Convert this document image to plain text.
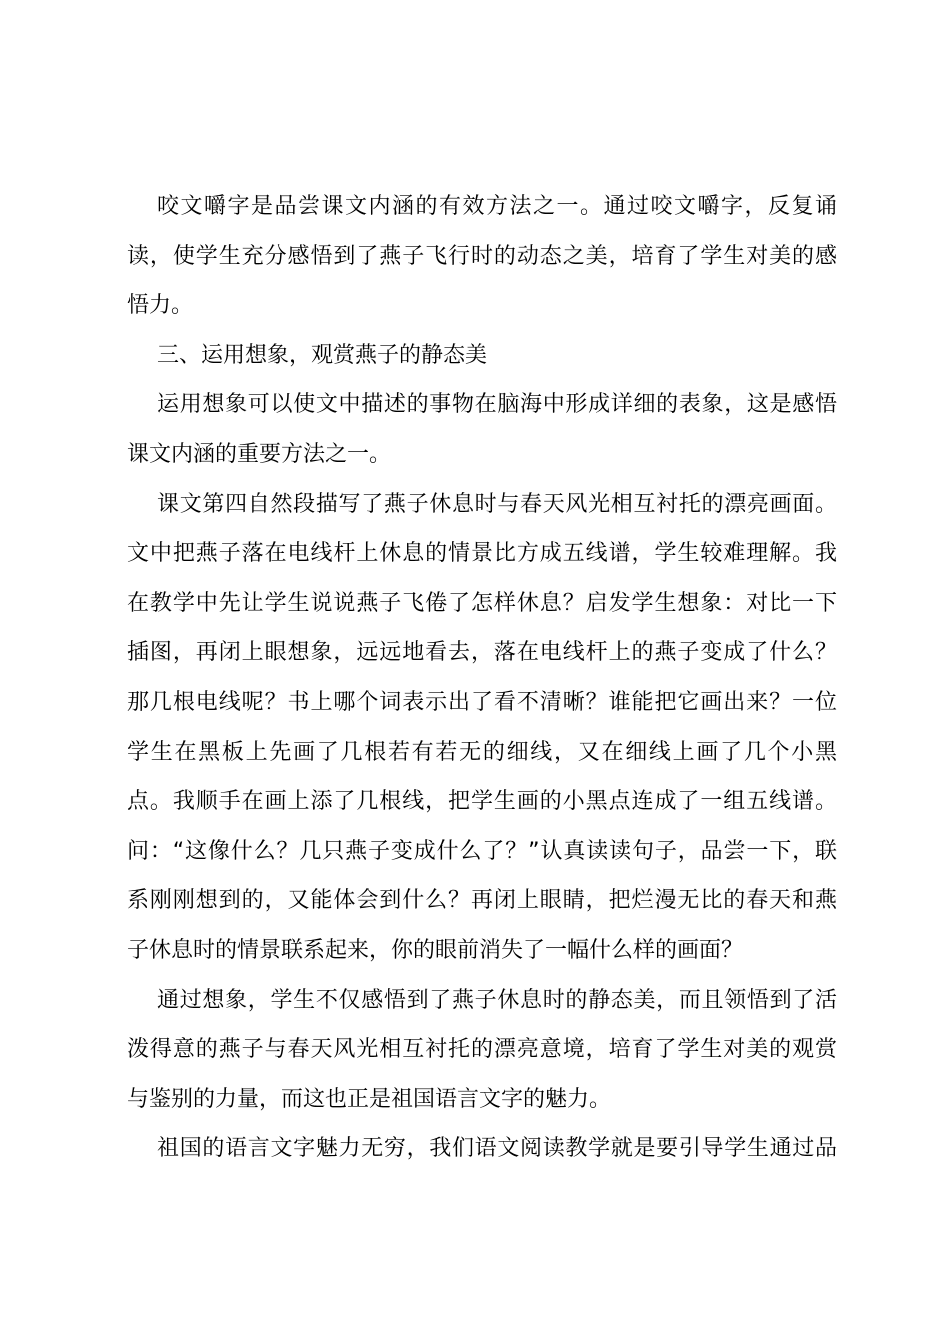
咬文嚼字是品尝课文内涵的有效方法之一。通过咬文嚼字，反复诵
读，使学生充分感悟到了燕子飞行时的动态之美，培育了学生对美的感
悟力。
三、运用想象，观赏燕子的静态美
运用想象可以使文中描述的事物在脑海中形成详细的表象，这是感悟
课文内涵的重要方法之一。
课文第四自然段描写了燕子休息时与春天风光相互衬托的漂亮画面。
文中把燕子落在电线杆上休息的情景比方成五线谱，学生较难理解。我
在教学中先让学生说说燕子飞倦了怎样休息？启发学生想象：对比一下
插图，再闭上眼想象，远远地看去，落在电线杆上的燕子变成了什么？
那几根电线呢？书上哪个词表示出了看不清晰？谁能把它画出来？一位
学生在黑板上先画了几根若有若无的细线，又在细线上画了几个小黑
点。我顺手在画上添了几根线，把学生画的小黑点连成了一组五线谱。
问：“这像什么？几只燕子变成什么了？”认真读读句子，品尝一下，联
系刚刚想到的，又能体会到什么？再闭上眼睛，把烂漫无比的春天和燕
子休息时的情景联系起来，你的眼前消失了一幅什么样的画面？
通过想象，学生不仅感悟到了燕子休息时的静态美，而且领悟到了活
泼得意的燕子与春天风光相互衬托的漂亮意境，培育了学生对美的观赏
与鉴别的力量，而这也正是祖国语言文字的魅力。
祖国的语言文字魅力无穷，我们语文阅读教学就是要引导学生通过品
